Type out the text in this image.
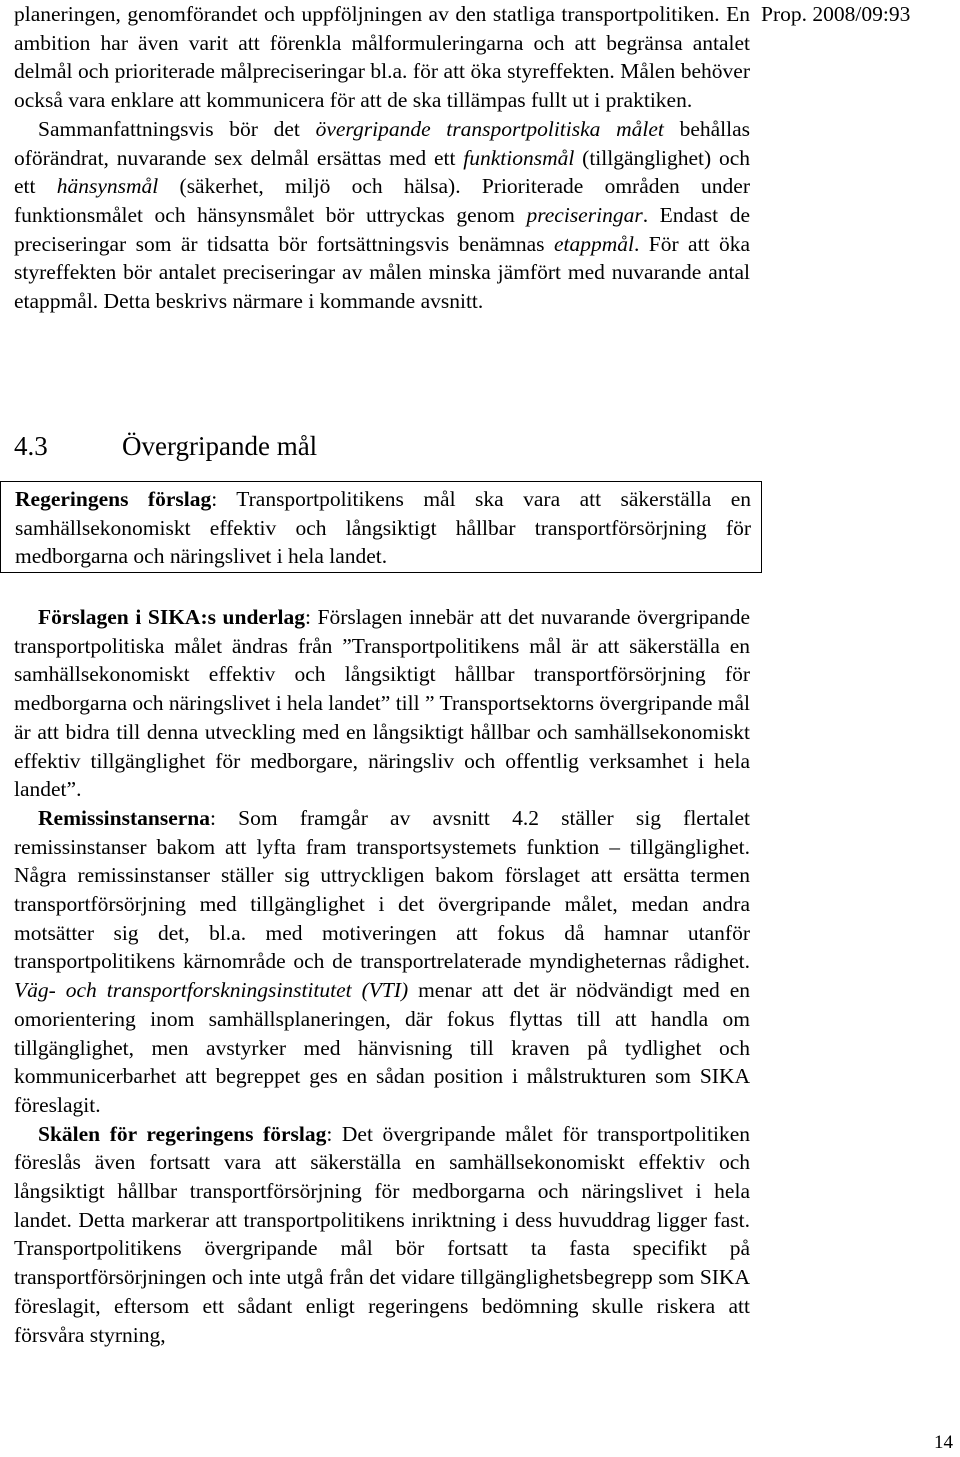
Prop. 2008/09:93

planeringen, genomförandet och uppföljningen av den statliga transportpolitiken. En ambition har även varit att förenkla målformuleringarna och att begränsa antalet delmål och prioriterade målpreciseringar bl.a. för att öka styreffekten. Målen behöver också vara enklare att kommunicera för att de ska tillämpas fullt ut i praktiken.

Sammanfattningsvis bör det övergripande transportpolitiska målet behållas oförändrat, nuvarande sex delmål ersättas med ett funktionsmål (tillgänglighet) och ett hänsynsmål (säkerhet, miljö och hälsa). Prioriterade områden under funktionsmålet och hänsynsmålet bör uttryckas genom preciseringar. Endast de preciseringar som är tidsatta bör fortsättningsvis benämnas etappmål. För att öka styreffekten bör antalet preciseringar av målen minska jämfört med nuvarande antal etappmål. Detta beskrivs närmare i kommande avsnitt.

4.3	Övergripande mål
Regeringens förslag: Transportpolitikens mål ska vara att säkerställa en samhällsekonomiskt effektiv och långsiktigt hållbar transportförsörjning för medborgarna och näringslivet i hela landet.

Förslagen i SIKA:s underlag: Förslagen innebär att det nuvarande övergripande transportpolitiska målet ändras från ”Transportpolitikens mål är att säkerställa en samhällsekonomiskt effektiv och långsiktigt hållbar transportförsörjning för medborgarna och näringslivet i hela landet” till ” Transportsektorns övergripande mål är att bidra till denna utveckling med en långsiktigt hållbar och samhällsekonomiskt effektiv tillgänglighet för medborgare, näringsliv och offentlig verksamhet i hela landet”.

Remissinstanserna: Som framgår av avsnitt 4.2 ställer sig flertalet remissinstanser bakom att lyfta fram transportsystemets funktion – tillgänglighet. Några remissinstanser ställer sig uttryckligen bakom förslaget att ersätta termen transportförsörjning med tillgänglighet i det övergripande målet, medan andra motsätter sig det, bl.a. med motiveringen att fokus då hamnar utanför transportpolitikens kärnområde och de transportrelaterade myndigheternas rådighet. Väg- och transportforskningsinstitutet (VTI) menar att det är nödvändigt med en omorientering inom samhällsplaneringen, där fokus flyttas till att handla om tillgänglighet, men avstyrker med hänvisning till kraven på tydlighet och kommunicerbarhet att begreppet ges en sådan position i målstrukturen som SIKA föreslagit.

Skälen för regeringens förslag: Det övergripande målet för transportpolitiken föreslås även fortsatt vara att säkerställa en samhällsekonomiskt effektiv och långsiktigt hållbar transportförsörjning för medborgarna och näringslivet i hela landet. Detta markerar att transportpolitikens inriktning i dess huvuddrag ligger fast. Transportpolitikens övergripande mål bör fortsatt ta fasta specifikt på transportförsörjningen och inte utgå från det vidare tillgänglighetsbegrepp som SIKA föreslagit, eftersom ett sådant enligt regeringens bedömning skulle riskera att försvåra styrning,

14
